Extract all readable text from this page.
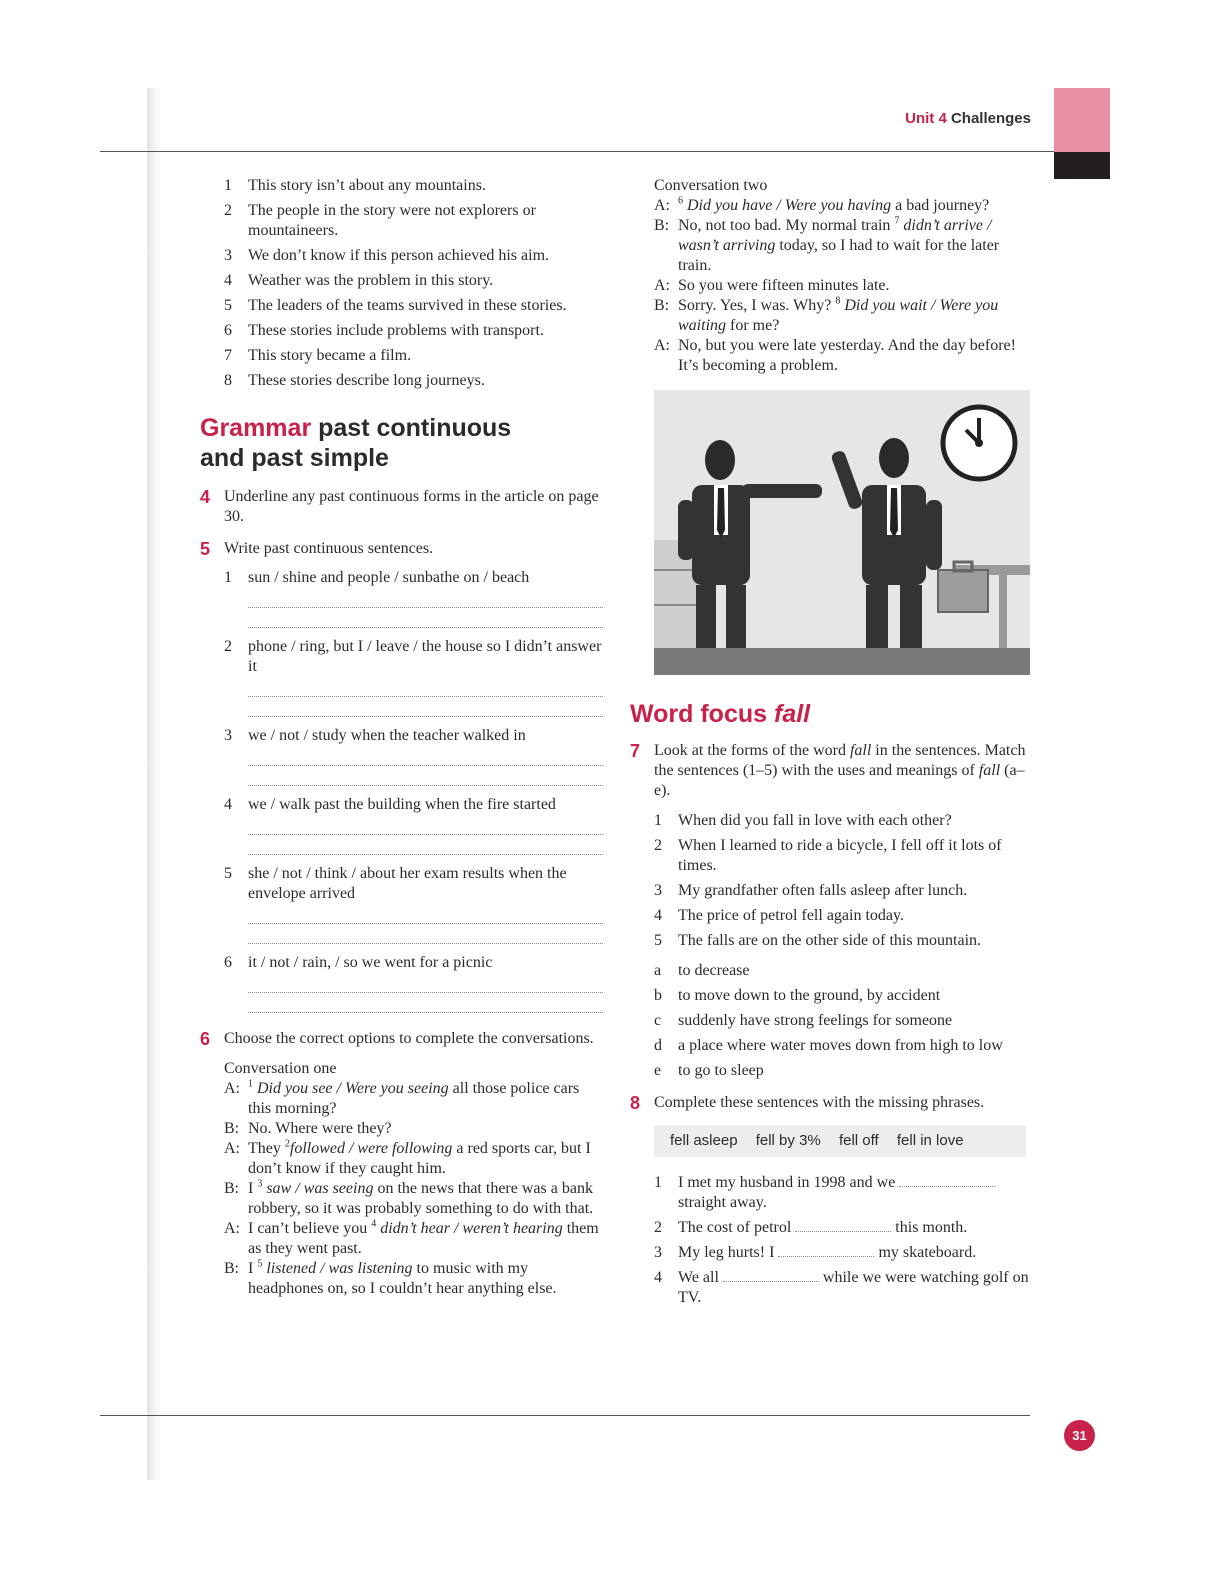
Unit 4 Challenges
1 This story isn’t about any mountains.
2 The people in the story were not explorers or mountaineers.
3 We don’t know if this person achieved his aim.
4 Weather was the problem in this story.
5 The leaders of the teams survived in these stories.
6 These stories include problems with transport.
7 This story became a film.
8 These stories describe long journeys.
Grammar past continuous
and past simple
4 Underline any past continuous forms in the article on page 30.
5 Write past continuous sentences.
1 sun / shine and people / sunbathe on / beach
2 phone / ring, but I / leave / the house so I didn’t answer it
3 we / not / study when the teacher walked in
4 we / walk past the building when the fire started
5 she / not / think / about her exam results when the envelope arrived
6 it / not / rain, / so we went for a picnic
6 Choose the correct options to complete the conversations.
Conversation one
A: $^1$ Did you see / Were you seeing all those police cars this morning?
B: No. Where were they?
A: They $^2$followed / were following a red sports car, but I don’t know if they caught him.
B: I $^3$ saw / was seeing on the news that there was a bank robbery, so it was probably something to do with that.
A: I can’t believe you $^4$ didn’t hear / weren’t hearing them as they went past.
B: I $^5$ listened / was listening to music with my headphones on, so I couldn’t hear anything else.
Conversation two
A: $^6$ Did you have / Were you having a bad journey?
B: No, not too bad. My normal train $^7$ didn’t arrive / wasn’t arriving today, so I had to wait for the later train.
A: So you were fifteen minutes late.
B: Sorry. Yes, I was. Why? $^8$ Did you wait / Were you waiting for me?
A: No, but you were late yesterday. And the day before! It’s becoming a problem.
Word focus fall
7 Look at the forms of the word fall in the sentences. Match the sentences (1–5) with the uses and meanings of fall (a–e).
1 When did you fall in love with each other?
2 When I learned to ride a bicycle, I fell off it lots of times.
3 My grandfather often falls asleep after lunch.
4 The price of petrol fell again today.
5 The falls are on the other side of this mountain.
a to decrease
b to move down to the ground, by accident
c suddenly have strong feelings for someone
d a place where water moves down from high to low
e to go to sleep
8 Complete these sentences with the missing phrases.
fell asleep fell by 3% fell off fell in love
1 I met my husband in 1998 and we  straight away.
2 The cost of petrol	this month.
3 My leg hurts! I	my skateboard.
4 We all	while we were watching golf on TV.
31
